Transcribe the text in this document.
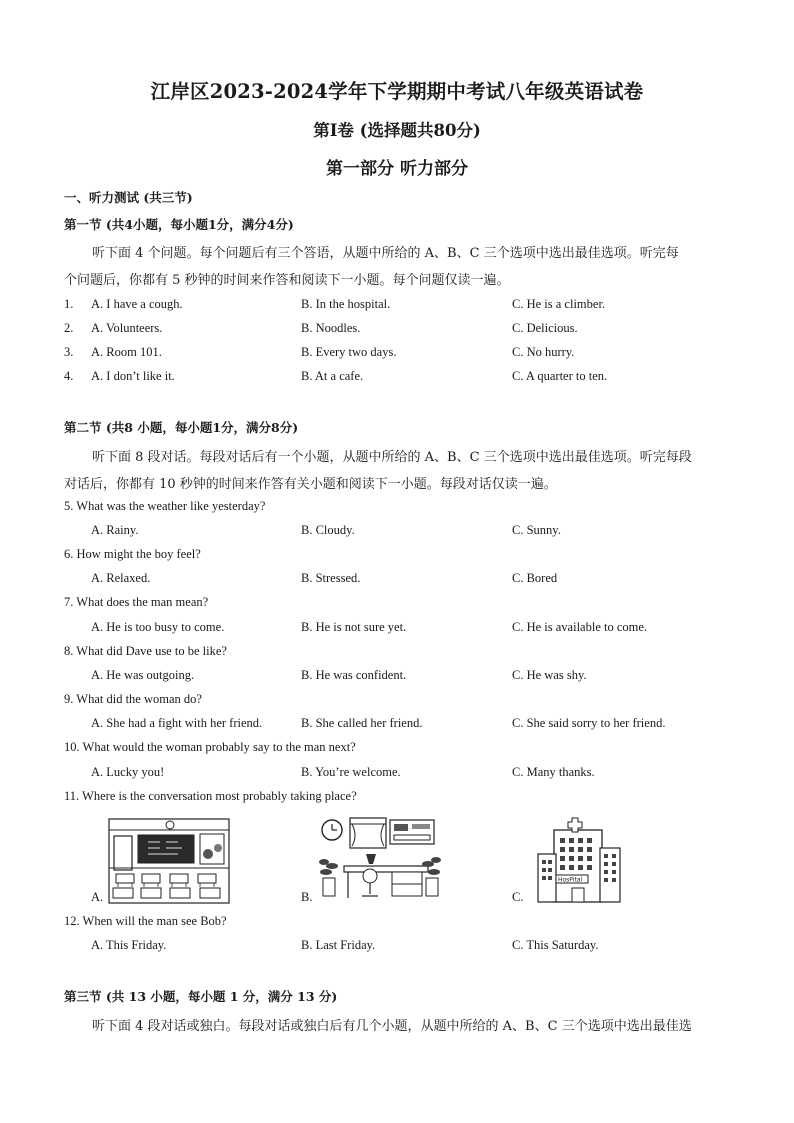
江岸区2023-2024学年下学期期中考试八年级英语试卷
第Ⅰ卷 (选择题共80分)
第一部分 听力部分
一、听力测试 (共三节)
第一节 (共4小题，每小题1分，满分4分)
听下面 4 个问题。每个问题后有三个答语，从题中所给的 A、B、C 三个选项中选出最佳选项。听完每
个问题后，你都有 5 秒钟的时间来作答和阅读下一小题。每个问题仅读一遍。
1. A. I have a cough.	B. In the hospital.	C. He is a climber.
2. A. Volunteers.	B. Noodles.	C. Delicious.
3. A. Room 101.	B. Every two days.	C. No hurry.
4. A. I don’t like it.	B. At a cafe.	C. A quarter to ten.
第二节 (共8 小题，每小题1分，满分8分)
听下面 8 段对话。每段对话后有一个小题，从题中所给的 A、B、C 三个选项中选出最佳选项。听完每段
对话后，你都有 10 秒钟的时间来作答有关小题和阅读下一小题。每段对话仅读一遍。
5. What was the weather like yesterday?
A. Rainy.	B. Cloudy.	C. Sunny.
6. How might the boy feel?
A. Relaxed.	B. Stressed.	C. Bored
7. What does the man mean?
A. He is too busy to come.	B. He is not sure yet.	C. He is available to come.
8. What did Dave use to be like?
A. He was outgoing.	B. He was confident.	C. He was shy.
9. What did the woman do?
A. She had a fight with her friend.	B. She called her friend.	C. She said sorry to her friend.
10. What would the woman probably say to the man next?
A. Lucky you!	B. You’re welcome.	C. Many thanks.
11. Where is the conversation most probably taking place?
A.	B.	C.
HosPital
12. When will the man see Bob?
A. This Friday.	B. Last Friday.	C. This Saturday.
第三节 (共 13 小题，每小题 1 分，满分 13 分)
听下面 4 段对话或独白。每段对话或独白后有几个小题，从题中所给的 A、B、C 三个选项中选出最佳选
